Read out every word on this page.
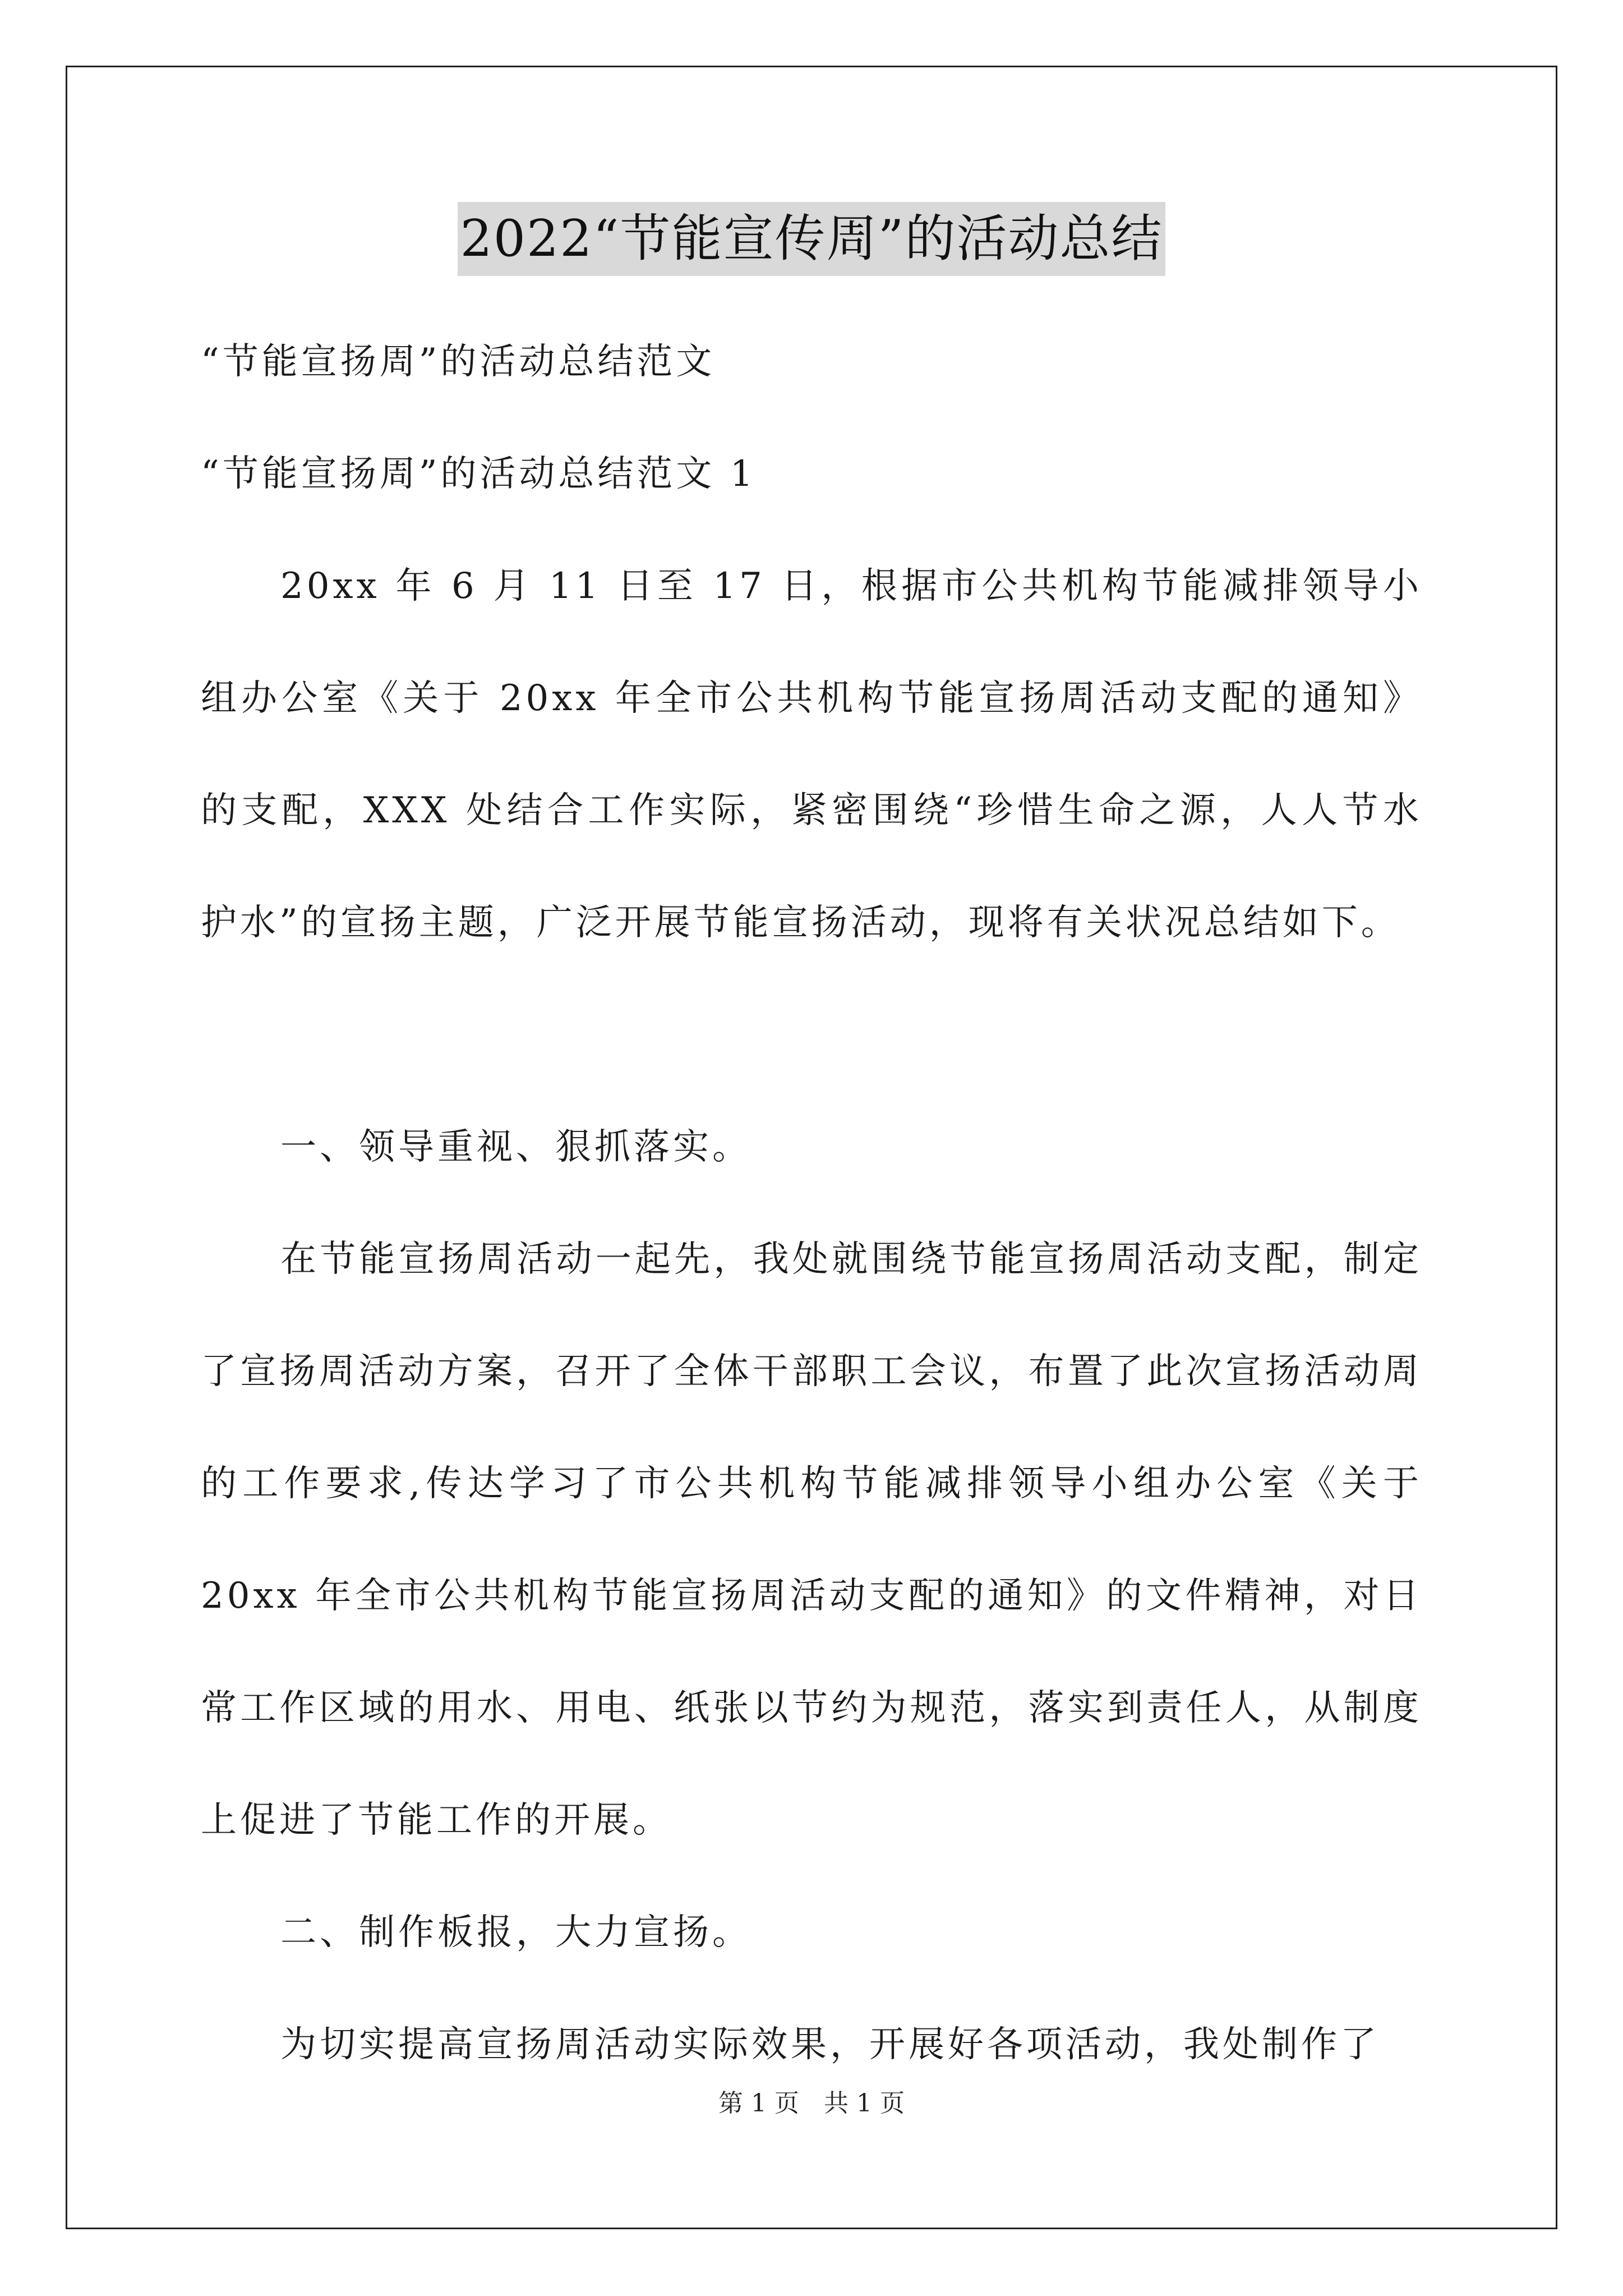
2022“节能宣传周”的活动总结

“节能宣扬周”的活动总结范文

“节能宣扬周”的活动总结范文 1

20xx 年 6 月 11 日至 17 日，根据市公共机构节能减排领导小组办公室《关于 20xx 年全市公共机构节能宣扬周活动支配的通知》的支配，XXX 处结合工作实际，紧密围绕“珍惜生命之源，人人节水护水”的宣扬主题，广泛开展节能宣扬活动，现将有关状况总结如下。

一、领导重视、狠抓落实。

在节能宣扬周活动一起先，我处就围绕节能宣扬周活动支配，制定了宣扬周活动方案，召开了全体干部职工会议，布置了此次宣扬活动周的工作要求,传达学习了市公共机构节能减排领导小组办公室《关于 20xx 年全市公共机构节能宣扬周活动支配的通知》的文件精神，对日常工作区域的用水、用电、纸张以节约为规范，落实到责任人，从制度上促进了节能工作的开展。

二、制作板报，大力宣扬。

为切实提高宣扬周活动实际效果，开展好各项活动，我处制作了

第 1 页 共 1 页
